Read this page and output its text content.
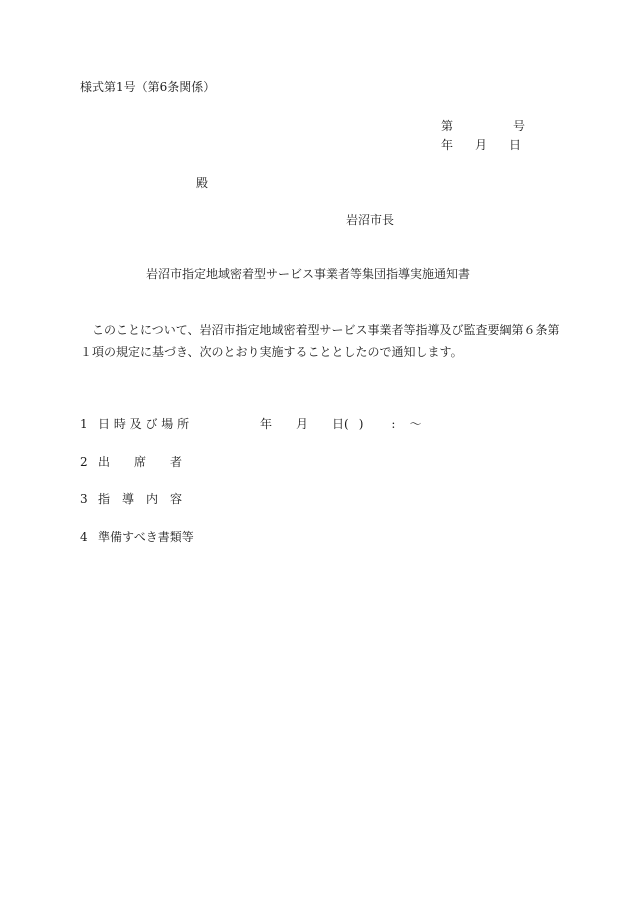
様式第1号（第6条関係）
第	号
年 月 日
殿
岩沼市長
岩沼市指定地域密着型サービス事業者等集団指導実施通知書
このことについて、岩沼市指定地域密着型サービス事業者等指導及び監査要綱第６条第
１項の規定に基づき、次のとおり実施することとしたので通知します。
1 日 時 及 び 場 所	年 月 日( ) : ～
2 出　　席　　者
3 指　導　内　容
4 準備すべき書類等
